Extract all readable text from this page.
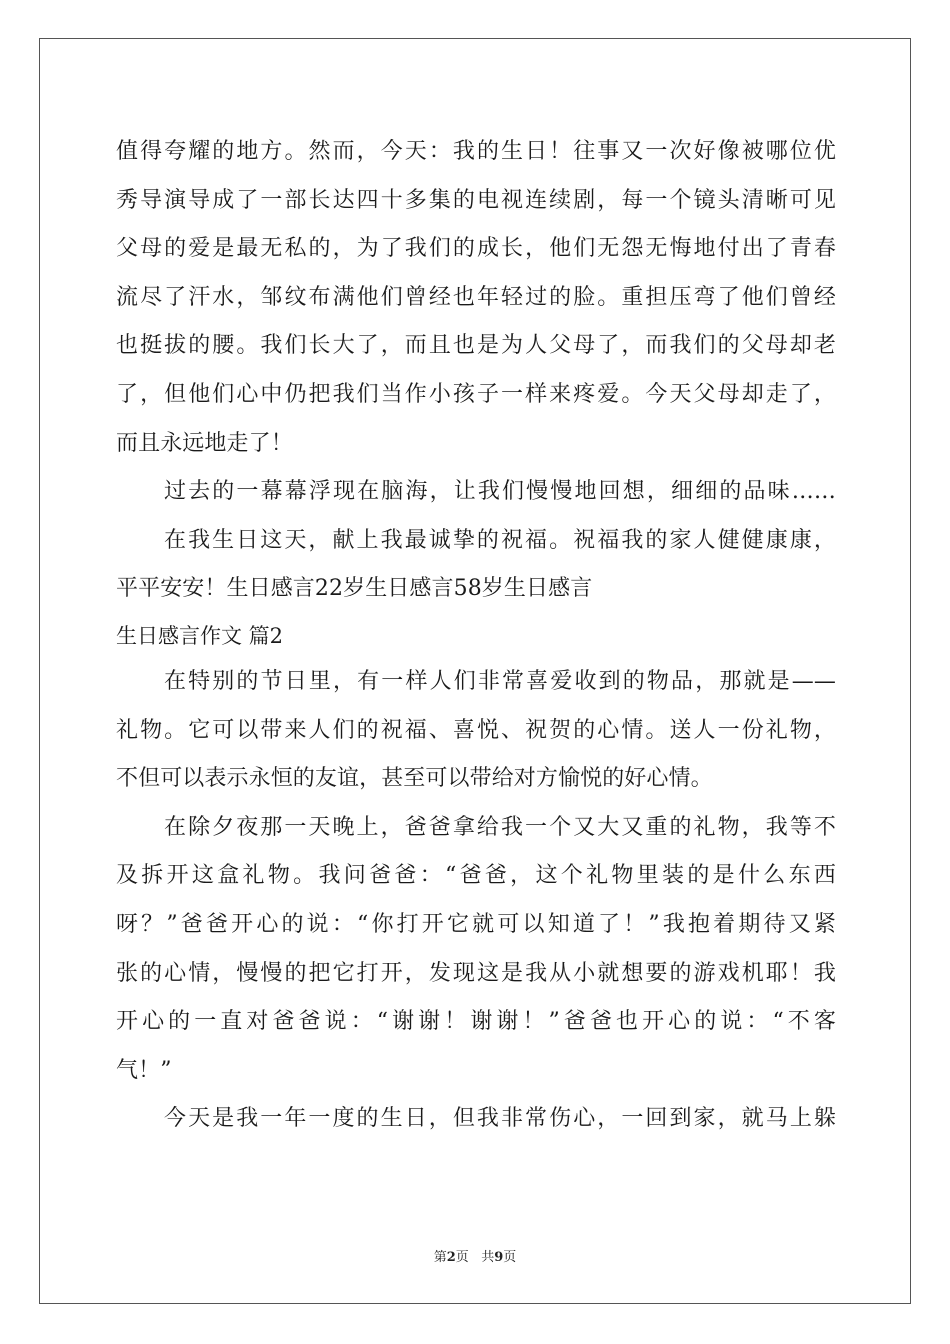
值得夸耀的地方。然而，今天：我的生日！往事又一次好像被哪位优
秀导演导成了一部长达四十多集的电视连续剧，每一个镜头清晰可见
父母的爱是最无私的，为了我们的成长，他们无怨无悔地付出了青春
流尽了汗水，邹纹布满他们曾经也年轻过的脸。重担压弯了他们曾经
也挺拔的腰。我们长大了，而且也是为人父母了，而我们的父母却老
了，但他们心中仍把我们当作小孩子一样来疼爱。今天父母却走了，
而且永远地走了！
过去的一幕幕浮现在脑海，让我们慢慢地回想，细细的品味……
在我生日这天，献上我最诚挚的祝福。祝福我的家人健健康康，
平平安安！生日感言22岁生日感言58岁生日感言
生日感言作文 篇2
在特别的节日里，有一样人们非常喜爱收到的物品，那就是——
礼物。它可以带来人们的祝福、喜悦、祝贺的心情。送人一份礼物，
不但可以表示永恒的友谊，甚至可以带给对方愉悦的好心情。
在除夕夜那一天晚上，爸爸拿给我一个又大又重的礼物，我等不
及拆开这盒礼物。我问爸爸：“爸爸，这个礼物里装的是什么东西
呀？”爸爸开心的说：“你打开它就可以知道了！”我抱着期待又紧
张的心情，慢慢的把它打开，发现这是我从小就想要的游戏机耶！我
开心的一直对爸爸说：“谢谢！谢谢！”爸爸也开心的说：“不客
气！”
今天是我一年一度的生日，但我非常伤心，一回到家，就马上躲
第2页   共9页
